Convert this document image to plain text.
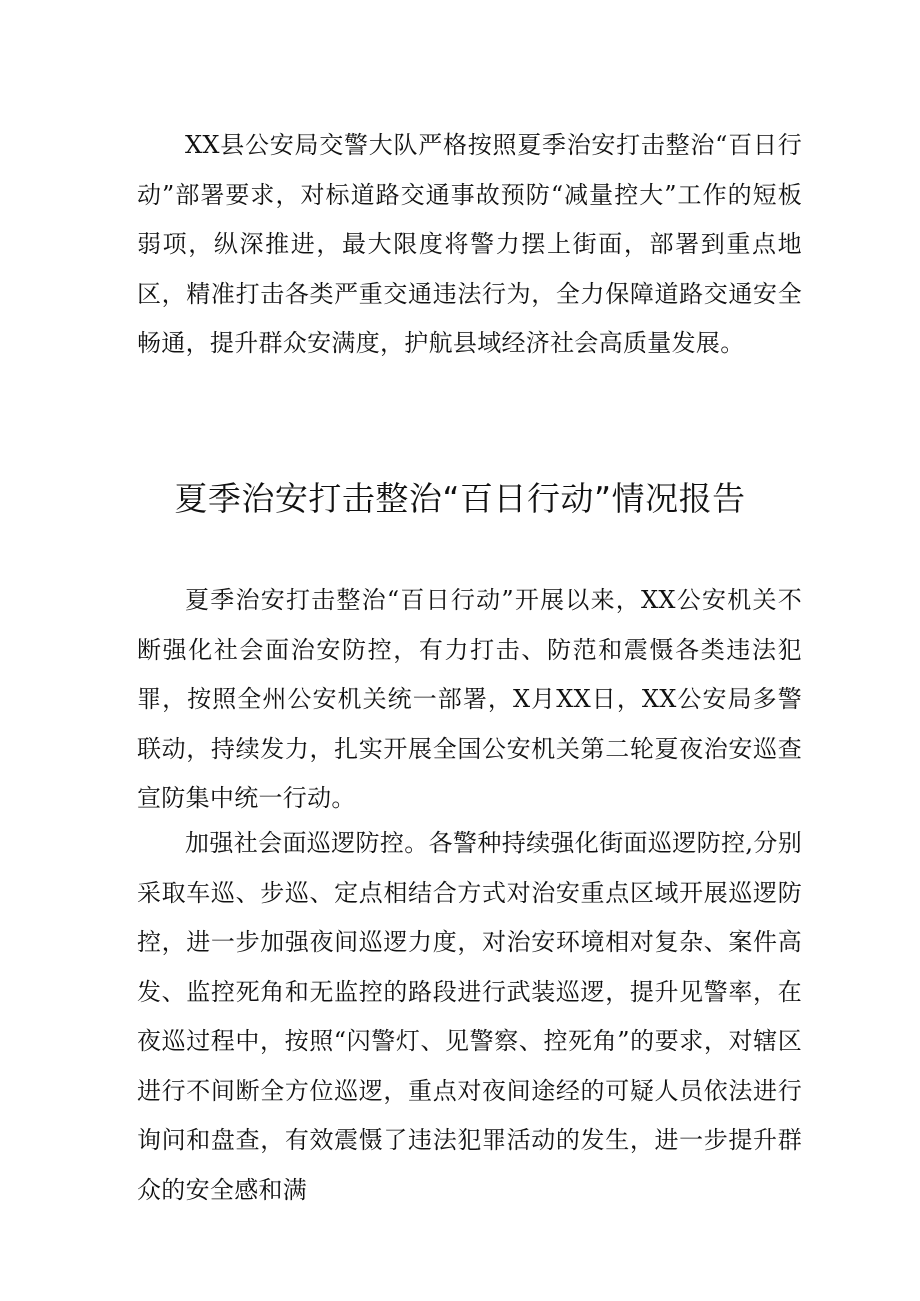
XX县公安局交警大队严格按照夏季治安打击整治“百日行动”部署要求，对标道路交通事故预防“减量控大”工作的短板弱项，纵深推进，最大限度将警力摆上街面，部署到重点地区，精准打击各类严重交通违法行为，全力保障道路交通安全畅通，提升群众安满度，护航县域经济社会高质量发展。

夏季治安打击整治“百日行动”情况报告

夏季治安打击整治“百日行动”开展以来，XX公安机关不断强化社会面治安防控，有力打击、防范和震慑各类违法犯罪，按照全州公安机关统一部署，X月XX日，XX公安局多警联动，持续发力，扎实开展全国公安机关第二轮夏夜治安巡查宣防集中统一行动。

加强社会面巡逻防控。各警种持续强化街面巡逻防控,分别采取车巡、步巡、定点相结合方式对治安重点区域开展巡逻防控，进一步加强夜间巡逻力度，对治安环境相对复杂、案件高发、监控死角和无监控的路段进行武装巡逻，提升见警率，在夜巡过程中，按照“闪警灯、见警察、控死角”的要求，对辖区进行不间断全方位巡逻，重点对夜间途经的可疑人员依法进行询问和盘查，有效震慑了违法犯罪活动的发生，进一步提升群众的安全感和满
